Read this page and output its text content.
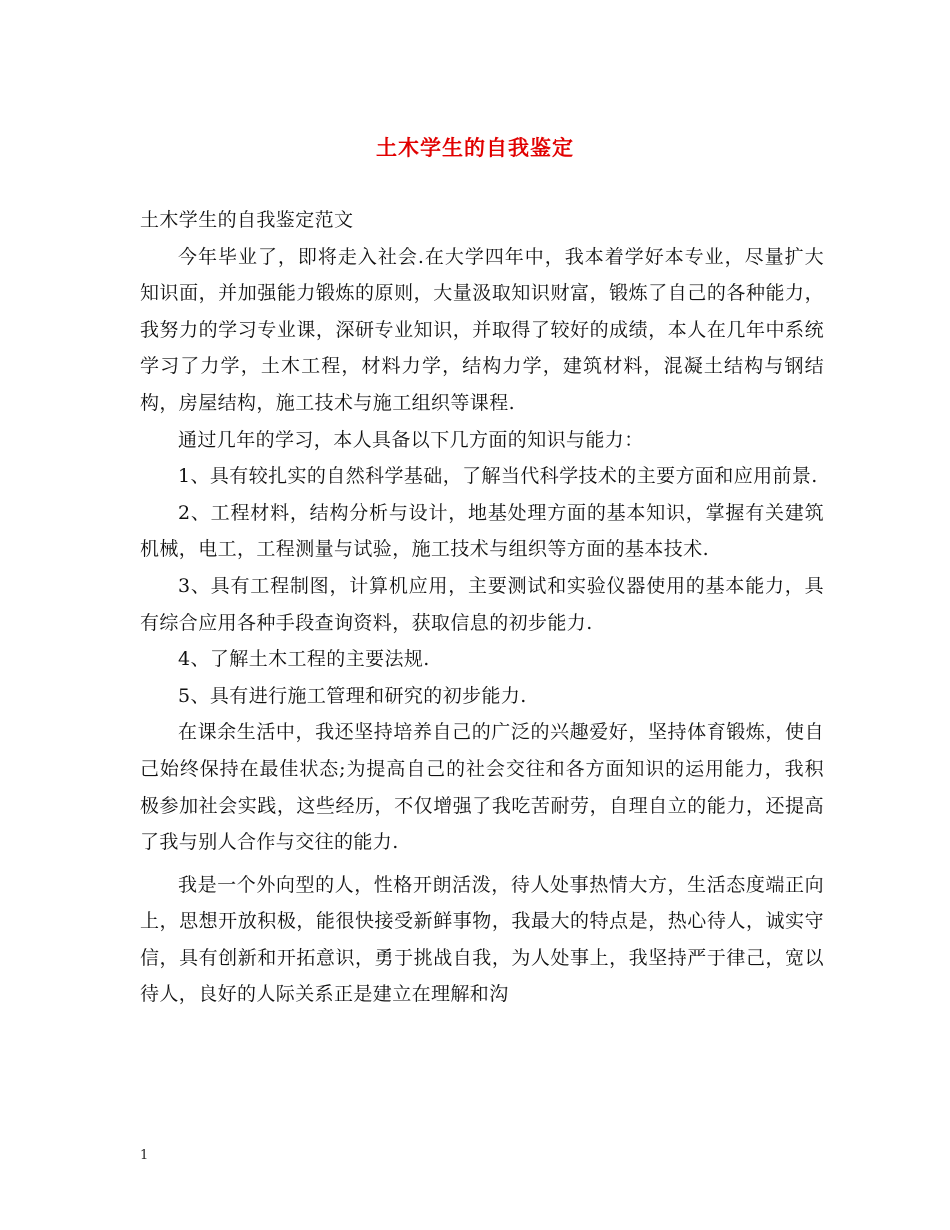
土木学生的自我鉴定

土木学生的自我鉴定范文

今年毕业了，即将走入社会.在大学四年中，我本着学好本专业，尽量扩大知识面，并加强能力锻炼的原则，大量汲取知识财富，锻炼了自己的各种能力，我努力的学习专业课，深研专业知识，并取得了较好的成绩，本人在几年中系统学习了力学，土木工程，材料力学，结构力学，建筑材料，混凝土结构与钢结构，房屋结构，施工技术与施工组织等课程.

通过几年的学习，本人具备以下几方面的知识与能力：

1、具有较扎实的自然科学基础，了解当代科学技术的主要方面和应用前景.

2、工程材料，结构分析与设计，地基处理方面的基本知识，掌握有关建筑机械，电工，工程测量与试验，施工技术与组织等方面的基本技术.

3、具有工程制图，计算机应用，主要测试和实验仪器使用的基本能力，具有综合应用各种手段查询资料，获取信息的初步能力.

4、了解土木工程的主要法规.

5、具有进行施工管理和研究的初步能力.

在课余生活中，我还坚持培养自己的广泛的兴趣爱好，坚持体育锻炼，使自己始终保持在最佳状态;为提高自己的社会交往和各方面知识的运用能力，我积极参加社会实践，这些经历，不仅增强了我吃苦耐劳，自理自立的能力，还提高了我与别人合作与交往的能力.

我是一个外向型的人，性格开朗活泼，待人处事热情大方，生活态度端正向上，思想开放积极，能很快接受新鲜事物，我最大的特点是，热心待人，诚实守信，具有创新和开拓意识，勇于挑战自我，为人处事上，我坚持严于律己，宽以待人，良好的人际关系正是建立在理解和沟

1
